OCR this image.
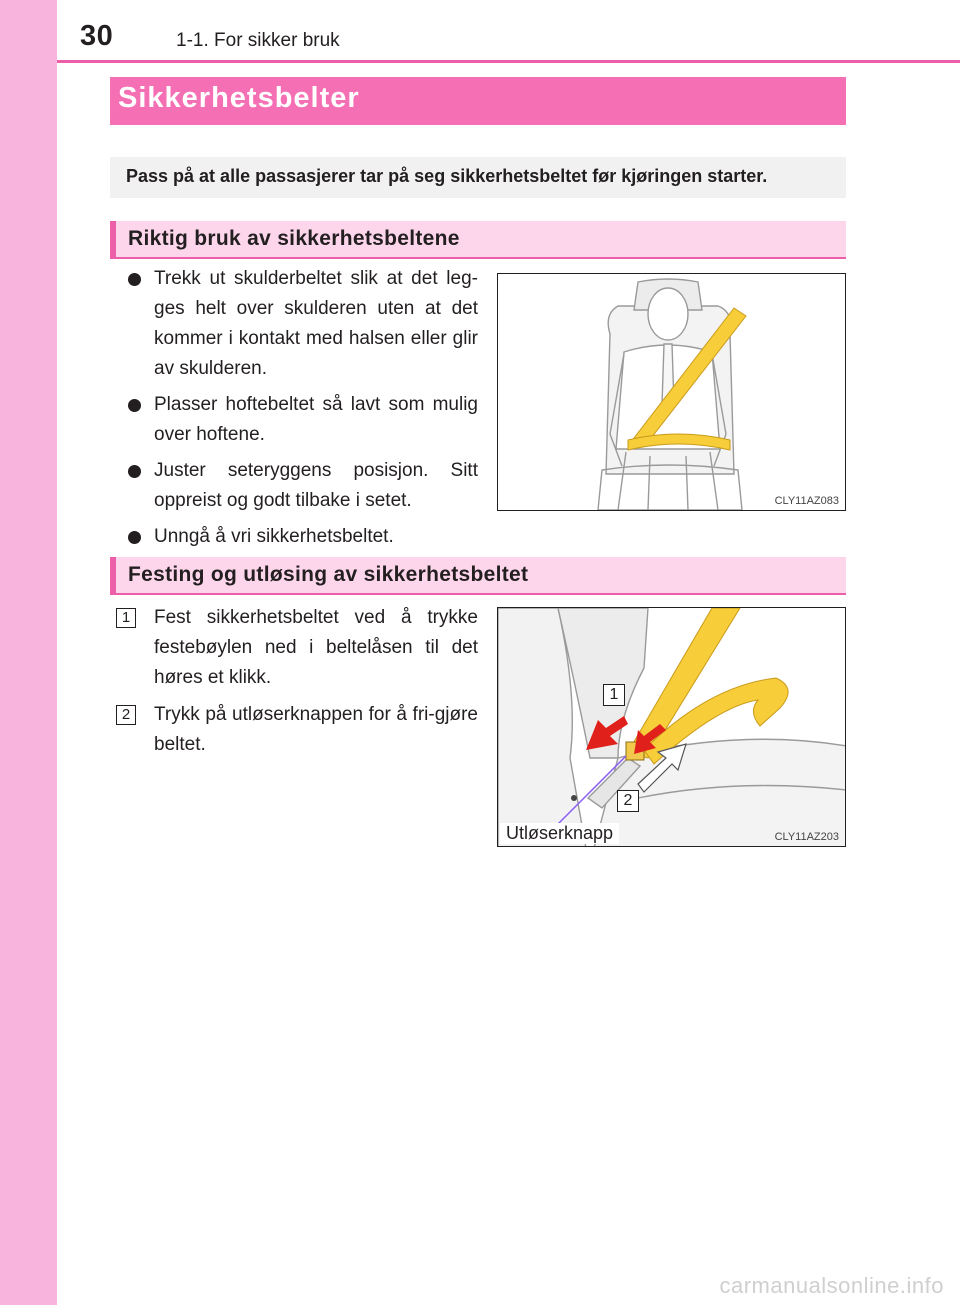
30	1-1. For sikker bruk
Sikkerhetsbelter
Pass på at alle passasjerer tar på seg sikkerhetsbeltet før kjøringen starter.
Riktig bruk av sikkerhetsbeltene
Trekk ut skulderbeltet slik at det leg-ges helt over skulderen uten at det kommer i kontakt med halsen eller glir av skulderen.
Plasser hoftebeltet så lavt som mulig over hoftene.
Juster seteryggens posisjon. Sitt oppreist og godt tilbake i setet.
Unngå å vri sikkerhetsbeltet.
CLY11AZ083
Festing og utløsing av sikkerhetsbeltet
1	Fest sikkerhetsbeltet ved å trykke festebøylen ned i beltelåsen til det høres et klikk.
2	Trykk på utløserknappen for å fri-gjøre beltet.
1
2
Utløserknapp	CLY11AZ203
carmanualsonline.info
